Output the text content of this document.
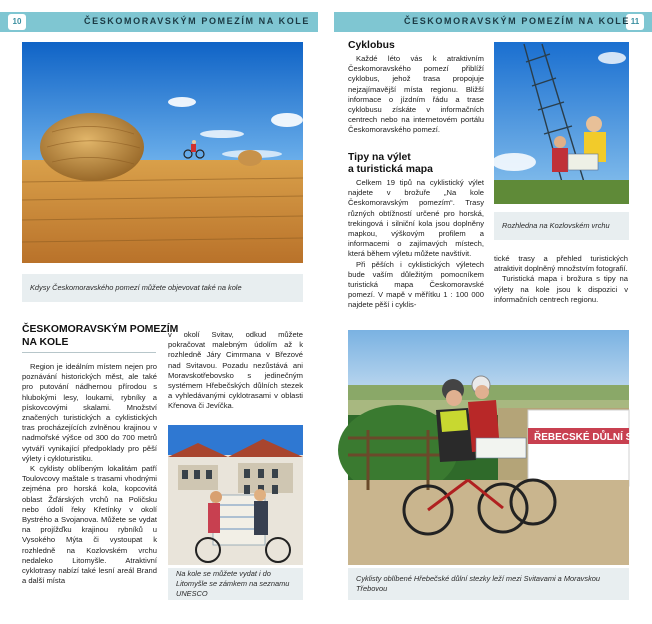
10	11
ČESKOMORAVSKÝM POMEZÍM NA KOLE	ČESKOMORAVSKÝM POMEZÍM NA KOLE
Kdysy Českomoravského pomezí můžete objevovat také na kole
ČESKOMORAVSKÝM POMEZÍM
NA KOLE

Region je ideálním místem nejen pro poznávání historických měst, ale také pro putování nádhernou přírodou s hlubokými lesy, loukami, rybníky a pískovcovými skalami. Množství značených turistických a cyklistických tras procházejících zvlněnou krajinou v nadmořské výšce od 300 do 700 metrů vytváří vynikající předpoklady pro pěší výlety i cykloturistiku.

K cyklisty oblíbeným lokalitám patří Toulovcovy maštale s trasami vhodnými zejména pro horská kola, kopcovitá oblast Žďárských vrchů na Poličsku nebo údolí řeky Křetínky v okolí Bystrého a Svojanova. Můžete se vydat na projížďku krajinou rybníků u Vysokého Mýta či vystoupat k rozhledně na Kozlovském vrchu nedaleko Litomyšle. Atraktivní cyklotrasy nabízí také lesní areál Brand a další místa

v okolí Svitav, odkud můžete pokračovat malebným údolím až k rozhledně Járy Cimrmana v Březové nad Svitavou. Pozadu nezůstává ani Moravskotřebovsko s jedinečným systémem Hřebečských důlních stezek a vyhledávanými cyklotrasami v oblasti Křenova či Jevíčka.

Na kole se můžete vydat i do Litomyšle se zámkem na seznamu UNESCO
Cyklobus

Každé léto vás k atraktivním Českomoravského pomezí přiblíží cyklobus, jehož trasa propojuje nejzajímavější místa regionu. Bližší informace o jízdním řádu a trase cyklobusu získáte v informačních centrech nebo na internetovém portálu Českomoravského pomezí.

Tipy na výlet
a turistická mapa

Celkem 19 tipů na cyklistický výlet najdete v brožuře „Na kole Českomoravským pomezím“. Trasy různých obtížností určené pro horská, trekingová i silniční kola jsou doplněny mapkou, výškovým profilem a informacemi o zajímavých místech, která během výletu můžete navštívit.

Při pěších i cyklistických výletech bude vaším důležitým pomocníkem turistická mapa Českomoravské pomezí. V mapě v měřítku 1 : 100 000 najdete pěší i cyklis-

tické trasy a přehled turistických atraktivit doplněný množstvím fotografií.

Turistická mapa i brožura s tipy na výlety na kole jsou k dispozici v informačních centrech regionu.

Rozhledna na Kozlovském vrchu
ŘEBECSKÉ DŮLNÍ STE
Cyklisty oblíbené Hřebečské důlní stezky leží mezi Svitavami a Moravskou Třebovou
